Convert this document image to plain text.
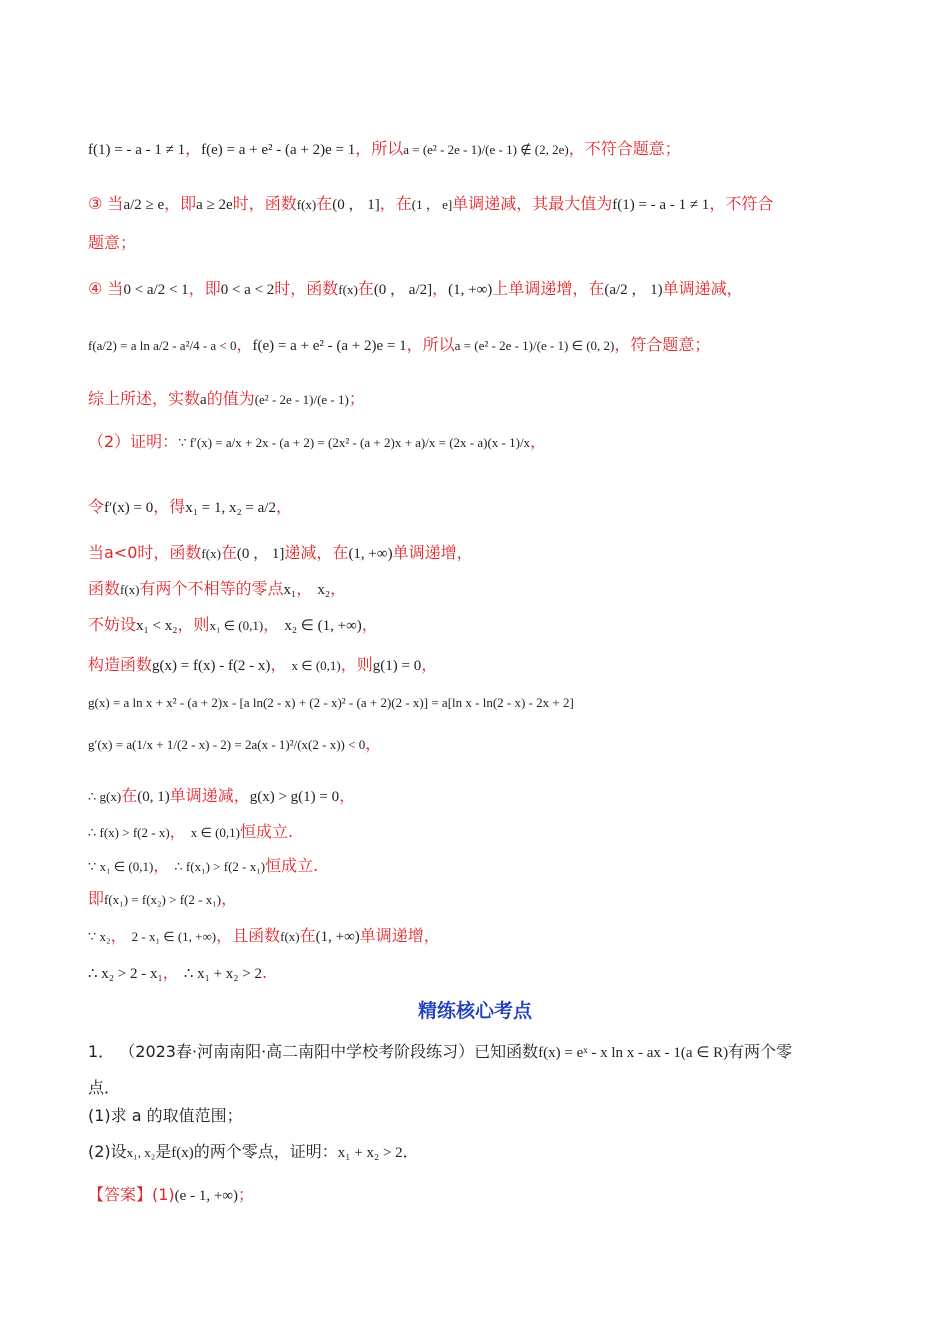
f(1) = - a - 1 ≠ 1，f(e) = a + e² - (a + 2)e = 1，所以a = (e² - 2e - 1)/(e - 1) ∉ (2, 2e)，不符合题意；
③ 当a/2 ≥ e，即a ≥ 2e时，函数f(x)在(0 ， 1]，在(1 ， e]单调递减，其最大值为f(1) = - a - 1 ≠ 1，不符合
题意；
④ 当0 < a/2 < 1，即0 < a < 2时，函数f(x)在(0 ， a/2]，(1, +∞)上单调递增，在(a/2 ， 1)单调递减，
f(a/2) = a ln a/2 - a²/4 - a < 0，f(e) = a + e² - (a + 2)e = 1，所以a = (e² - 2e - 1)/(e - 1) ∈ (0, 2)，符合题意；
综上所述，实数a的值为(e² - 2e - 1)/(e - 1)；
（2）证明：∵ f′(x) = a/x + 2x - (a + 2) = (2x² - (a + 2)x + a)/x = (2x - a)(x - 1)/x，
令f′(x) = 0，得x₁ = 1, x₂ = a/2，
当a<0时，函数f(x)在(0 ， 1]递减，在(1, +∞)单调递增，
函数f(x)有两个不相等的零点x₁， x₂，
不妨设x₁ < x₂，则x₁ ∈ (0,1)， x₂ ∈ (1, +∞)，
构造函数g(x) = f(x) - f(2 - x)， x ∈ (0,1)，则g(1) = 0，
g(x) = a ln x + x² - (a + 2)x - [a ln(2 - x) + (2 - x)² - (a + 2)(2 - x)] = a[ln x - ln(2 - x) - 2x + 2]
g′(x) = a(1/x + 1/(2 - x) - 2) = 2a(x - 1)²/(x(2 - x)) < 0，
∴ g(x)在(0, 1)单调递减，g(x) > g(1) = 0，
∴ f(x) > f(2 - x)， x ∈ (0,1)恒成立.
∵ x₁ ∈ (0,1)， ∴ f(x₁) > f(2 - x₁)恒成立.
即f(x₁) = f(x₂) > f(2 - x₁)，
∵ x₂， 2 - x₁ ∈ (1, +∞)，且函数f(x)在(1, +∞)单调递增，
∴ x₂ > 2 - x₁， ∴ x₁ + x₂ > 2.
精练核心考点
1． （2023春·河南南阳·高二南阳中学校考阶段练习）已知函数f(x) = eˣ - x ln x - ax - 1(a ∈ R)有两个零
点．
(1)求 a 的取值范围；
(2)设x₁, x₂是f(x)的两个零点，证明：x₁ + x₂ > 2．
【答案】(1)(e - 1, +∞)；
